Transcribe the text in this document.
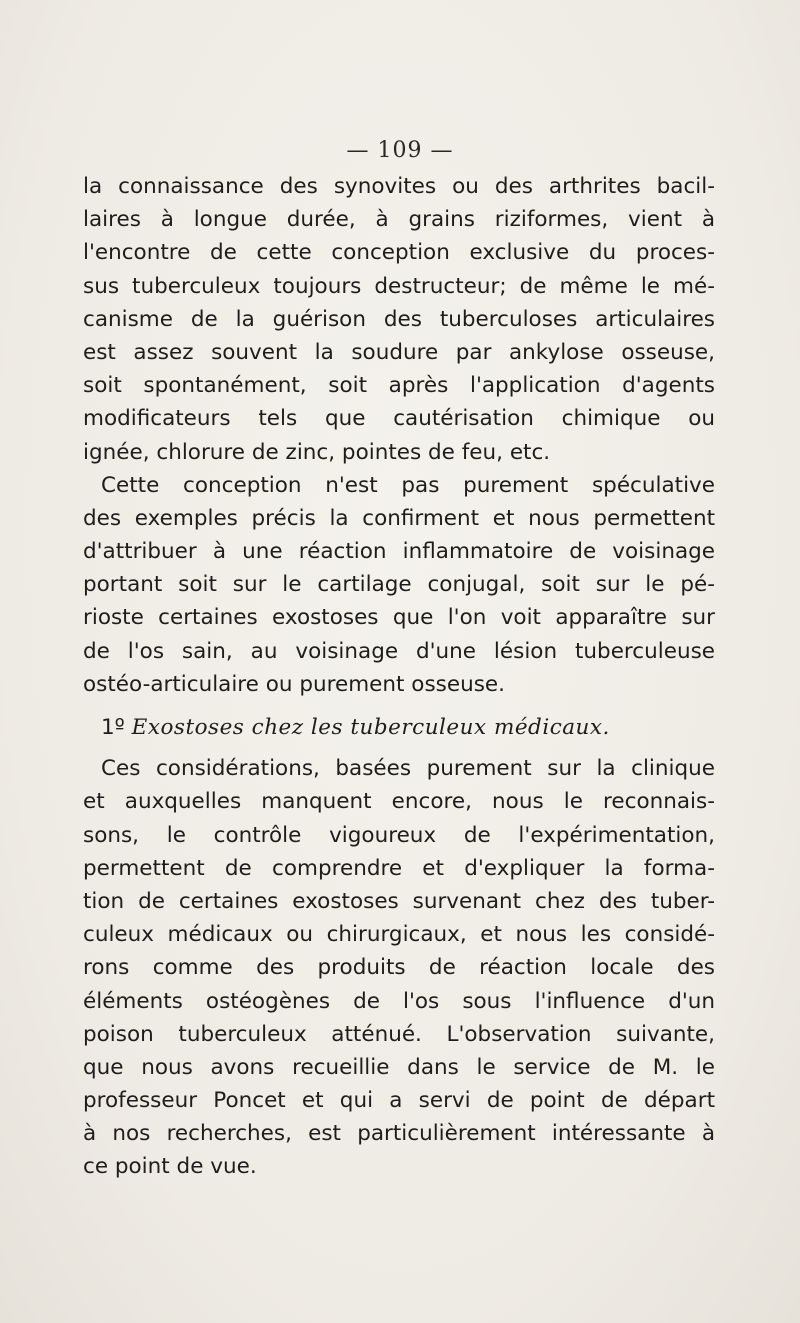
— 109 —
la connaissance des synovites ou des arthrites bacil-
laires à longue durée, à grains riziformes, vient à
l'encontre de cette conception exclusive du proces-
sus tuberculeux toujours destructeur; de même le mé-
canisme de la guérison des tuberculoses articulaires
est assez souvent la soudure par ankylose osseuse,
soit spontanément, soit après l'application d'agents
modificateurs tels que cautérisation chimique ou
ignée, chlorure de zinc, pointes de feu, etc.
Cette conception n'est pas purement spéculative
des exemples précis la confirment et nous permettent
d'attribuer à une réaction inflammatoire de voisinage
portant soit sur le cartilage conjugal, soit sur le pé-
rioste certaines exostoses que l'on voit apparaître sur
de l'os sain, au voisinage d'une lésion tuberculeuse
ostéo-articulaire ou purement osseuse.
1º Exostoses chez les tuberculeux médicaux.
Ces considérations, basées purement sur la clinique
et auxquelles manquent encore, nous le reconnais-
sons, le contrôle vigoureux de l'expérimentation,
permettent de comprendre et d'expliquer la forma-
tion de certaines exostoses survenant chez des tuber-
culeux médicaux ou chirurgicaux, et nous les considé-
rons comme des produits de réaction locale des
éléments ostéogènes de l'os sous l'influence d'un
poison tuberculeux atténué. L'observation suivante,
que nous avons recueillie dans le service de M. le
professeur Poncet et qui a servi de point de départ
à nos recherches, est particulièrement intéressante à
ce point de vue.
